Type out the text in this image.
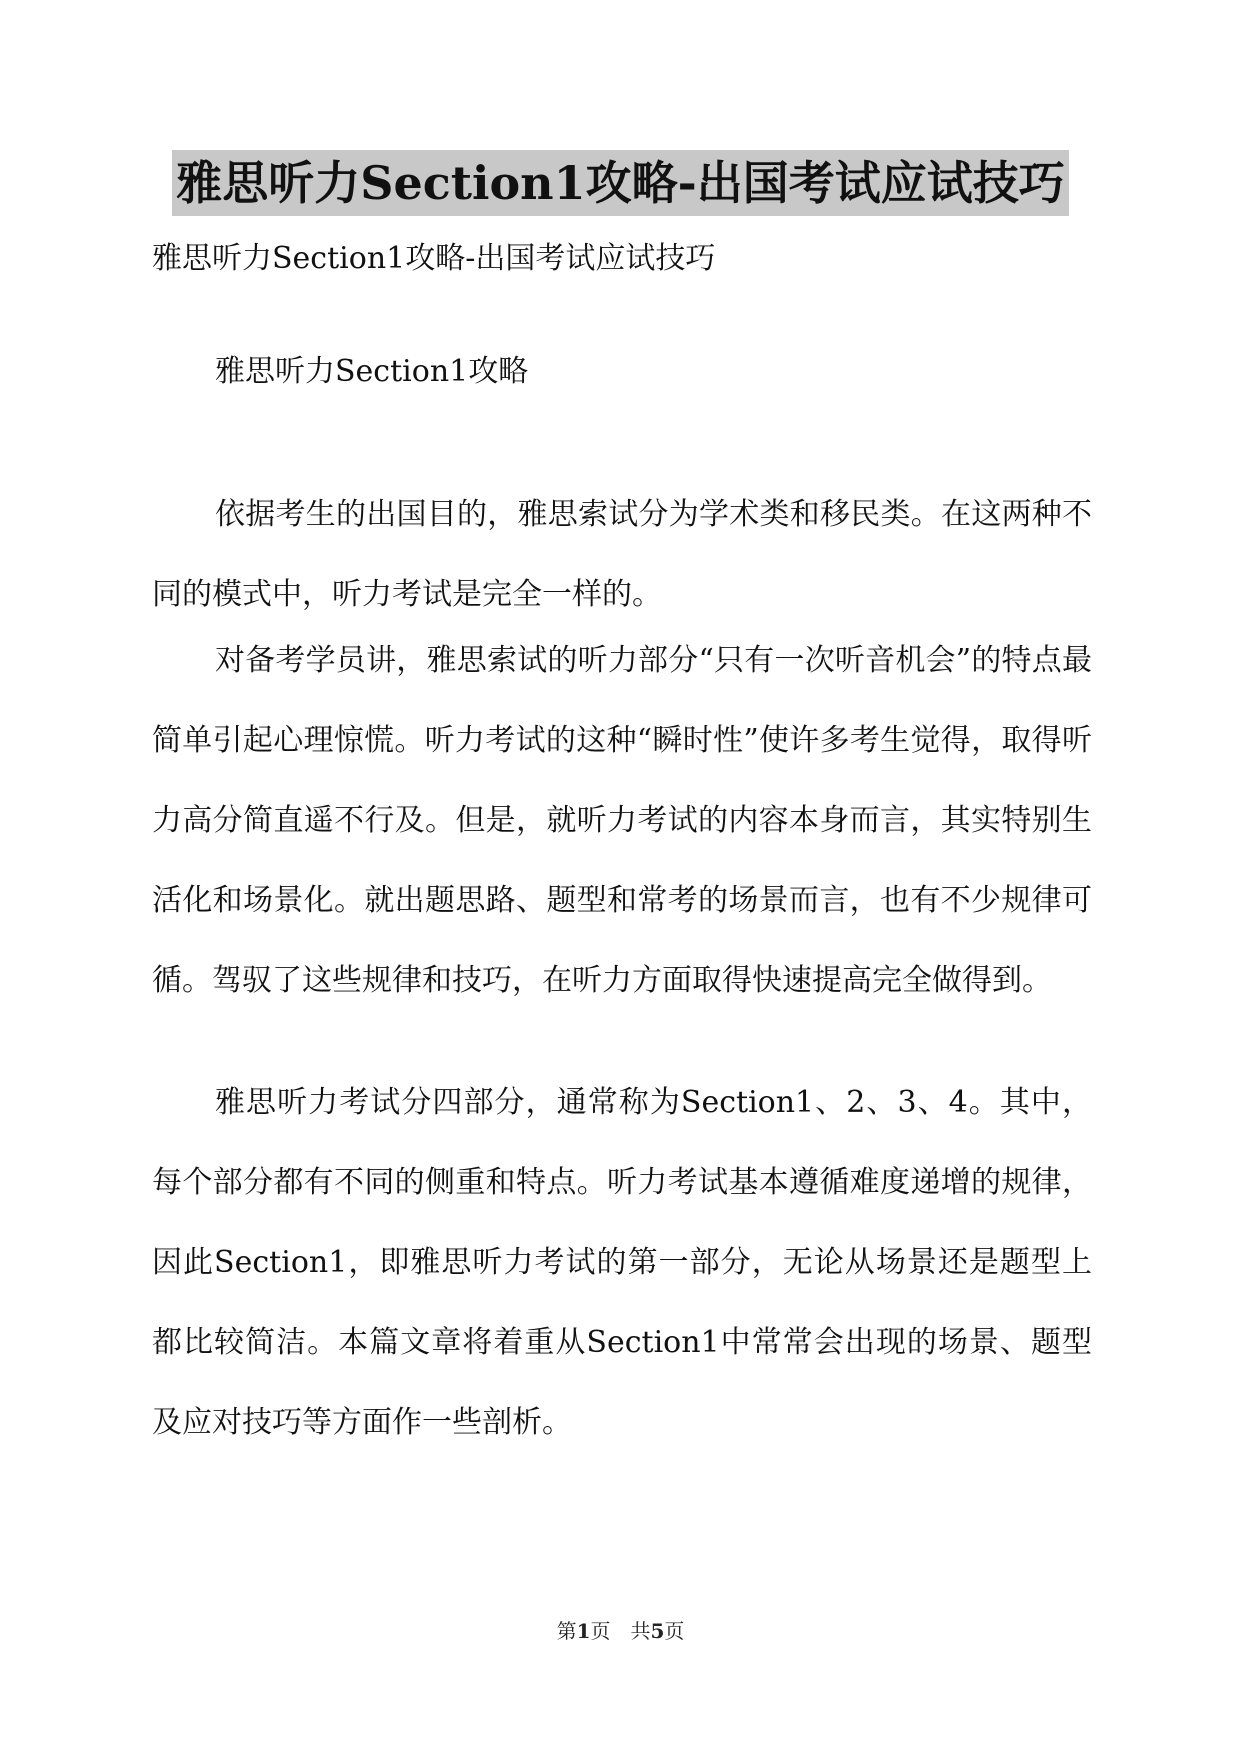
雅思听力Section1攻略-出国考试应试技巧
雅思听力Section1攻略-出国考试应试技巧
雅思听力Section1攻略

依据考生的出国目的，雅思索试分为学术类和移民类。在这两种不同的模式中，听力考试是完全一样的。

对备考学员讲，雅思索试的听力部分“只有一次听音机会”的特点最简单引起心理惊慌。听力考试的这种“瞬时性”使许多考生觉得，取得听力高分简直遥不行及。但是，就听力考试的内容本身而言，其实特别生活化和场景化。就出题思路、题型和常考的场景而言，也有不少规律可循。驾驭了这些规律和技巧，在听力方面取得快速提高完全做得到。

雅思听力考试分四部分，通常称为Section1、2、3、4。其中，每个部分都有不同的侧重和特点。听力考试基本遵循难度递增的规律，因此Section1，即雅思听力考试的第一部分，无论从场景还是题型上都比较简洁。本篇文章将着重从Section1中常常会出现的场景、题型及应对技巧等方面作一些剖析。

第1页　共5页
